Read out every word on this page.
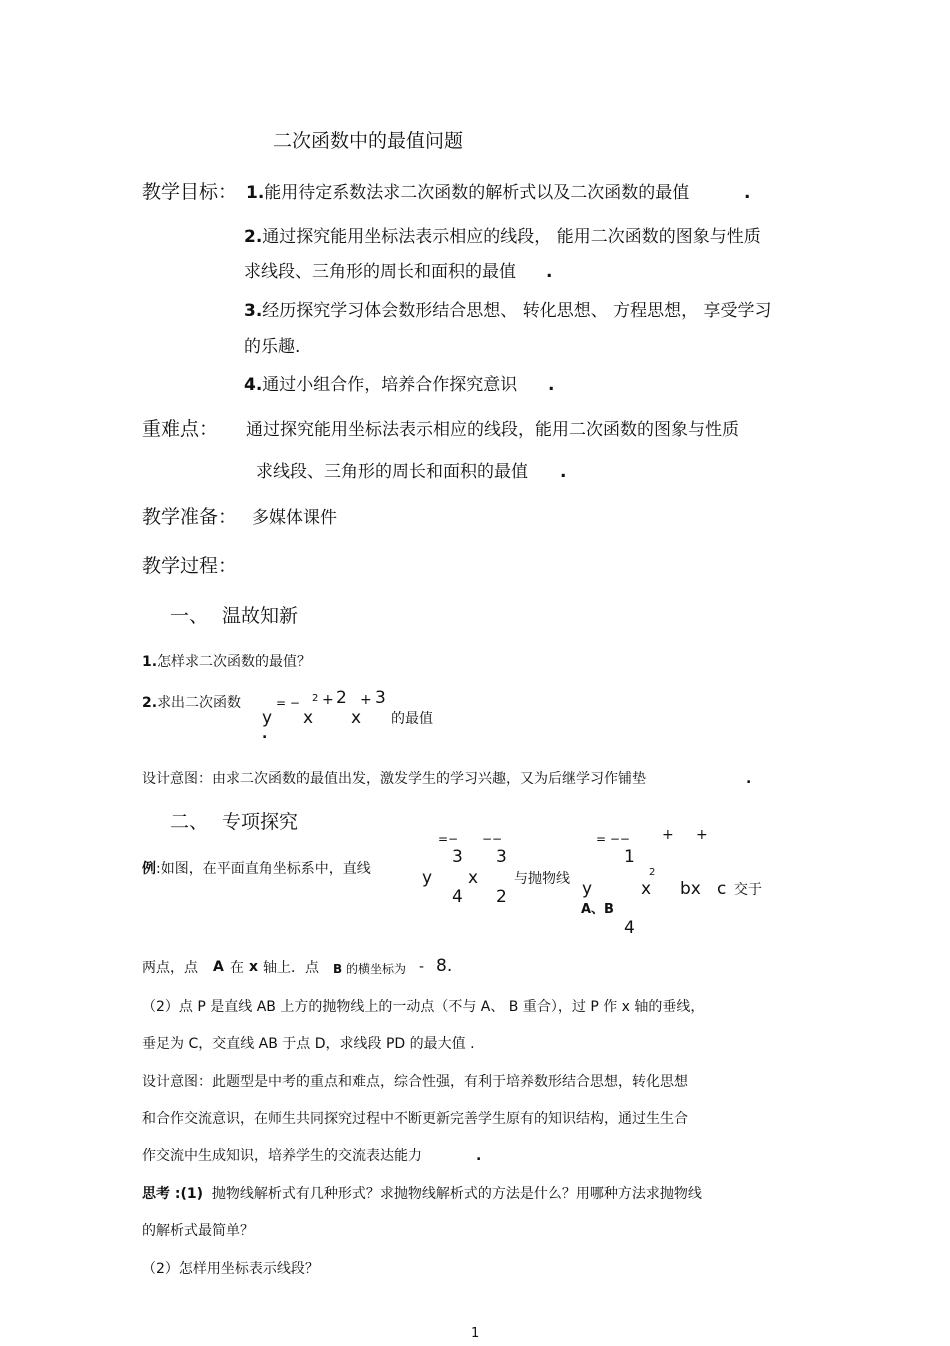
二次函数中的最值问题
教学目标： 1.能用待定系数法求二次函数的解析式以及二次函数的最值	.
2.通过探究能用坐标法表示相应的线段， 能用二次函数的图象与性质
求线段、三角形的周长和面积的最值 .
3.经历探究学习体会数形结合思想、 转化思想、 方程思想， 享受学习
的乐趣.
4.通过小组合作，培养合作探究意识 .
重难点： 通过探究能用坐标法表示相应的线段，能用二次函数的图象与性质
求线段、三角形的周长和面积的最值 .
教学准备： 多媒体课件
教学过程：
一、 温故知新
1.怎样求二次函数的最值？
2.求出二次函数	= − 2 + 2 + 3
y x x
.
的最值
设计意图：由求二次函数的最值出发，激发学生的学习兴趣，又为后继学习作铺垫	.
二、 专项探究
例:如图，在平面直角坐标系中，直线
=− −−
3 3
y x
4 2
与抛物线
= −− + +
1
2
y	x bx c
A、B
4
交于
两点，点 A 在 x 轴上．点 B 的横坐标为 - 8.
（2）点 P 是直线 AB 上方的抛物线上的一动点（不与 A、 B 重合），过 P 作 x 轴的垂线，
垂足为 C，交直线 AB 于点 D，求线段 PD 的最大值 .
设计意图：此题型是中考的重点和难点，综合性强，有利于培养数形结合思想，转化思想
和合作交流意识，在师生共同探究过程中不断更新完善学生原有的知识结构，通过生生合
作交流中生成知识，培养学生的交流表达能力	.
思考 :(1) 抛物线解析式有几种形式？求抛物线解析式的方法是什么？用哪种方法求抛物线
的解析式最简单？
（2）怎样用坐标表示线段？
1
